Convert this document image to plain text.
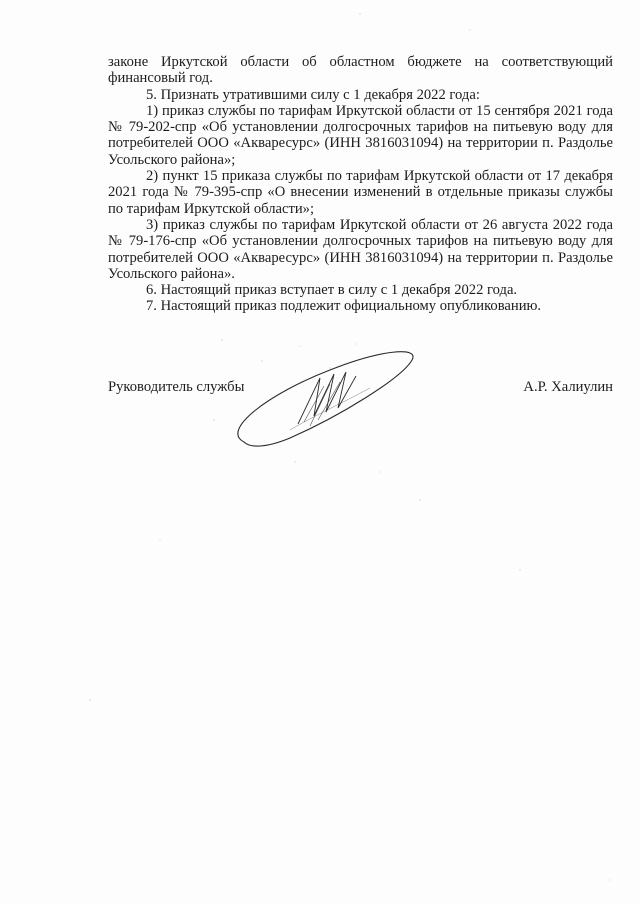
законе Иркутской области об областном бюджете на соответствующий финансовый год.

5. Признать утратившими силу с 1 декабря 2022 года:

1) приказ службы по тарифам Иркутской области от 15 сентября 2021 года № 79-202-спр «Об установлении долгосрочных тарифов на питьевую воду для потребителей ООО «Акваресурс» (ИНН 3816031094) на территории п. Раздолье Усольского района»;

2) пункт 15 приказа службы по тарифам Иркутской области от 17 декабря 2021 года № 79-395-спр «О внесении изменений в отдельные приказы службы по тарифам Иркутской области»;

3) приказ службы по тарифам Иркутской области от 26 августа 2022 года № 79-176-спр «Об установлении долгосрочных тарифов на питьевую воду для потребителей ООО «Акваресурс» (ИНН 3816031094) на территории п. Раздолье Усольского района».

6. Настоящий приказ вступает в силу с 1 декабря 2022 года.

7. Настоящий приказ подлежит официальному опубликованию.

Руководитель службы	А.Р. Халиулин
